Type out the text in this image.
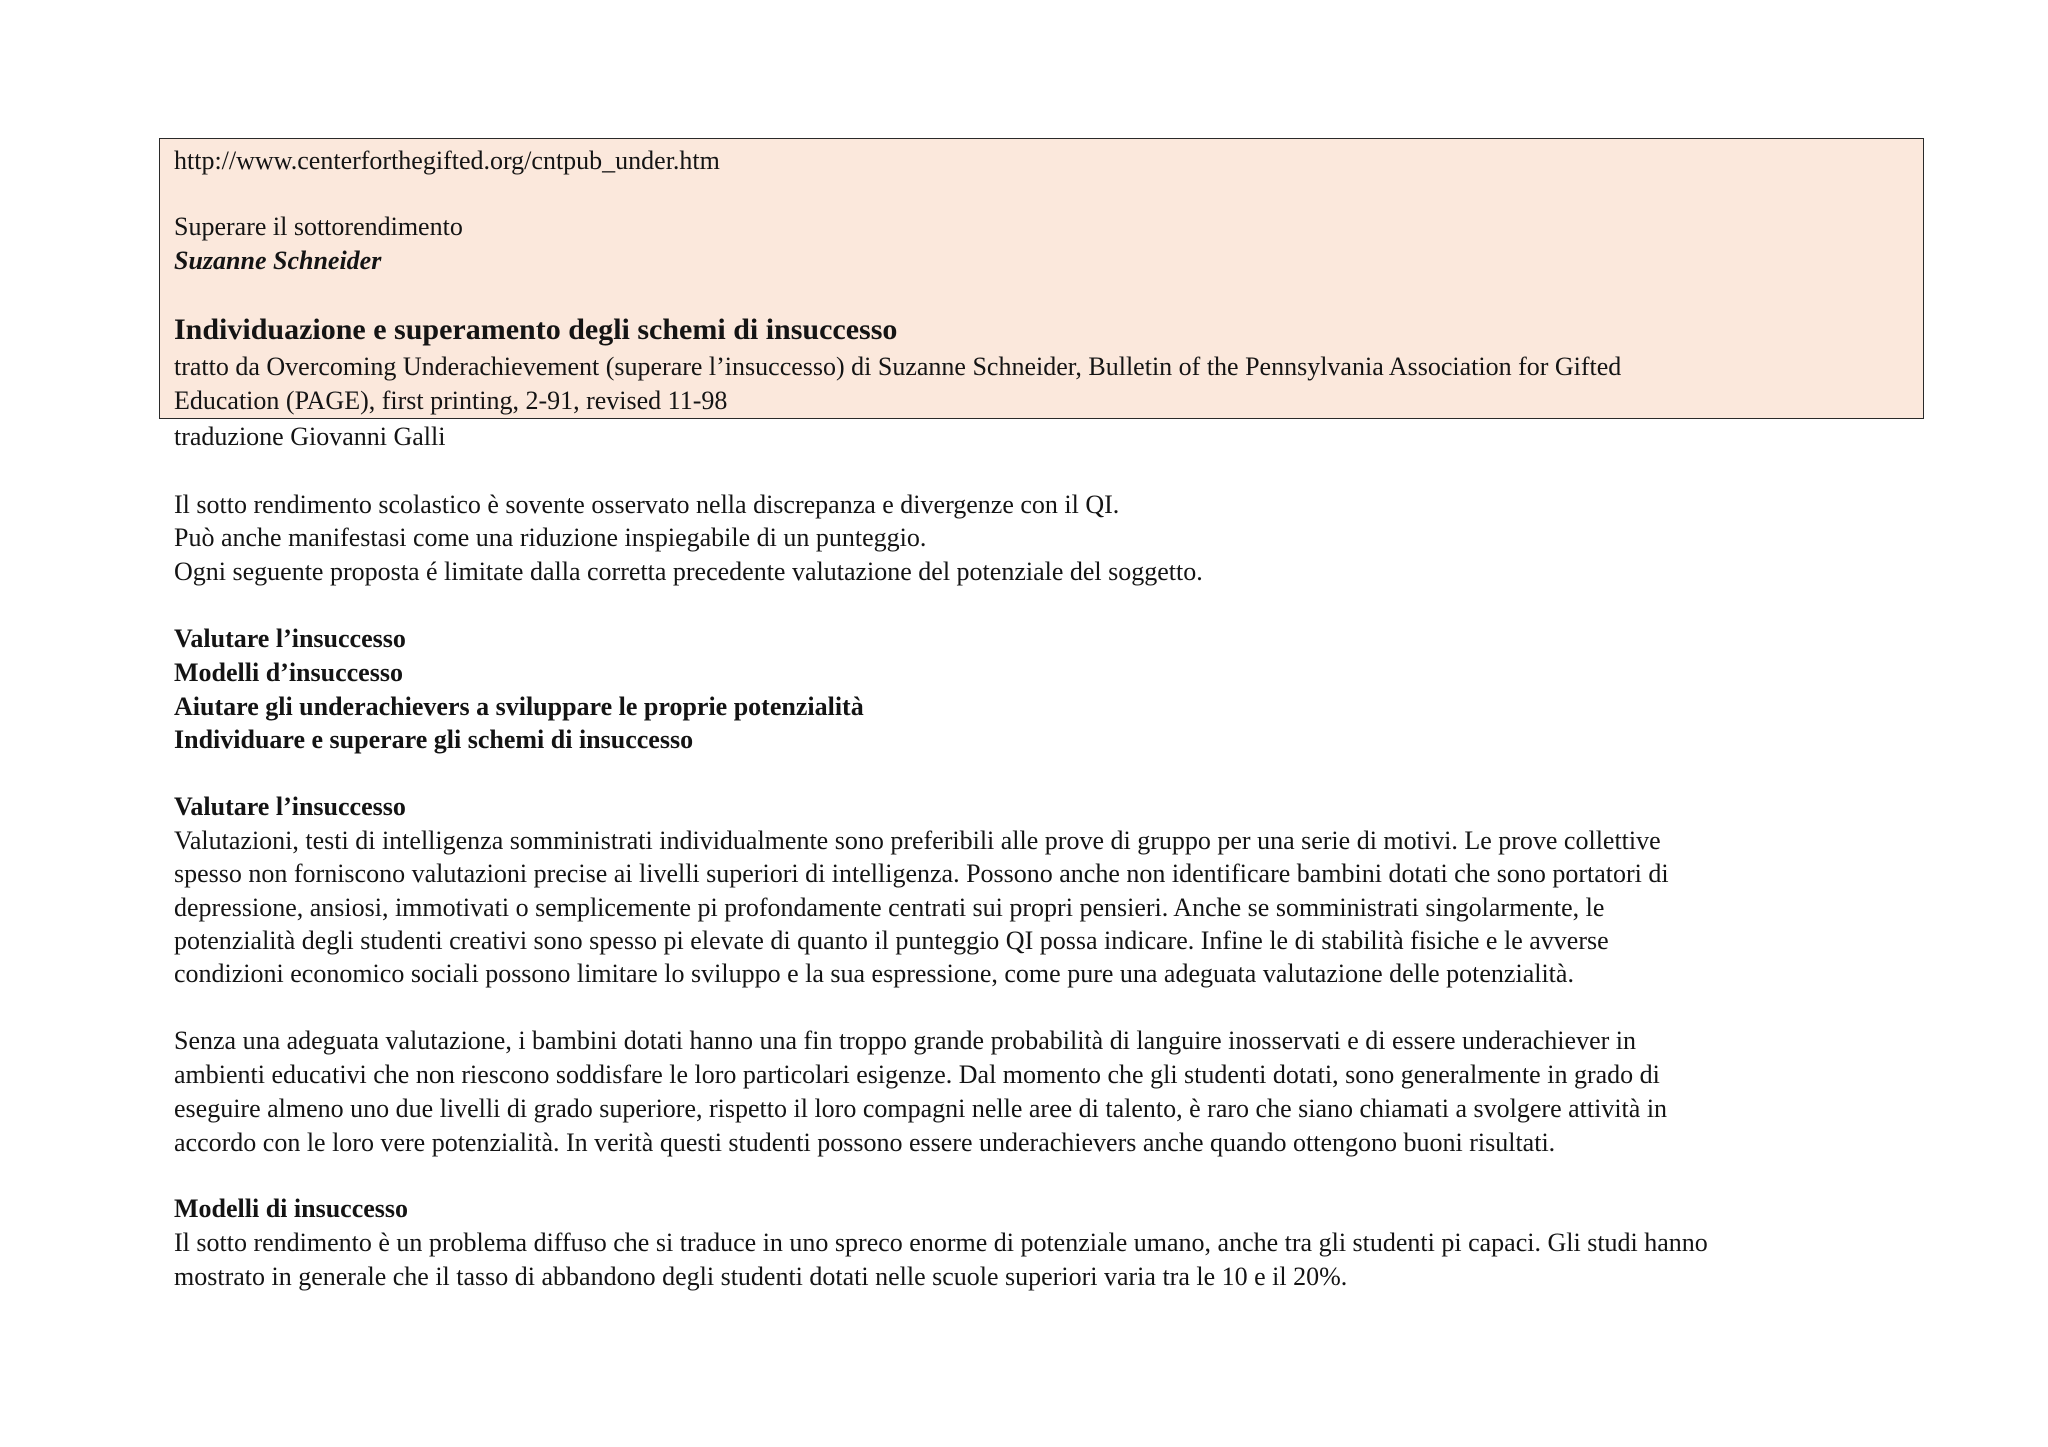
http://www.centerforthegifted.org/cntpub_under.htm
Superare il sottorendimento
Suzanne Schneider
Individuazione e superamento degli schemi di insuccesso
tratto da Overcoming Underachievement (superare l’insuccesso) di Suzanne Schneider, Bulletin of the Pennsylvania Association for Gifted
Education (PAGE), first printing, 2-91, revised 11-98
traduzione Giovanni Galli
Il sotto rendimento scolastico è sovente osservato nella discrepanza e divergenze con il QI.
Può anche manifestasi come una riduzione inspiegabile di un punteggio.
Ogni seguente proposta é limitate dalla corretta precedente valutazione del potenziale del soggetto.
Valutare l’insuccesso
Modelli d’insuccesso
Aiutare gli underachievers a sviluppare le proprie potenzialità
Individuare e superare gli schemi di insuccesso
Valutare l’insuccesso
Valutazioni, testi di intelligenza somministrati individualmente sono preferibili alle prove di gruppo per una serie di motivi. Le prove collettive
spesso non forniscono valutazioni precise ai livelli superiori di intelligenza. Possono anche non identificare bambini dotati che sono portatori di
depressione, ansiosi, immotivati o semplicemente pi profondamente centrati sui propri pensieri. Anche se somministrati singolarmente, le
potenzialità degli studenti creativi sono spesso pi elevate di quanto il punteggio QI possa indicare. Infine le di stabilità fisiche e le avverse
condizioni economico sociali possono limitare lo sviluppo e la sua espressione, come pure una adeguata valutazione delle potenzialità.
Senza una adeguata valutazione, i bambini dotati hanno una fin troppo grande probabilità di languire inosservati e di essere underachiever in
ambienti educativi che non riescono soddisfare le loro particolari esigenze. Dal momento che gli studenti dotati, sono generalmente in grado di
eseguire almeno uno due livelli di grado superiore, rispetto il loro compagni nelle aree di talento, è raro che siano chiamati a svolgere attività in
accordo con le loro vere potenzialità. In verità questi studenti possono essere underachievers anche quando ottengono buoni risultati.
Modelli di insuccesso
Il sotto rendimento è un problema diffuso che si traduce in uno spreco enorme di potenziale umano, anche tra gli studenti pi capaci. Gli studi hanno
mostrato in generale che il tasso di abbandono degli studenti dotati nelle scuole superiori varia tra le 10 e il 20%.
